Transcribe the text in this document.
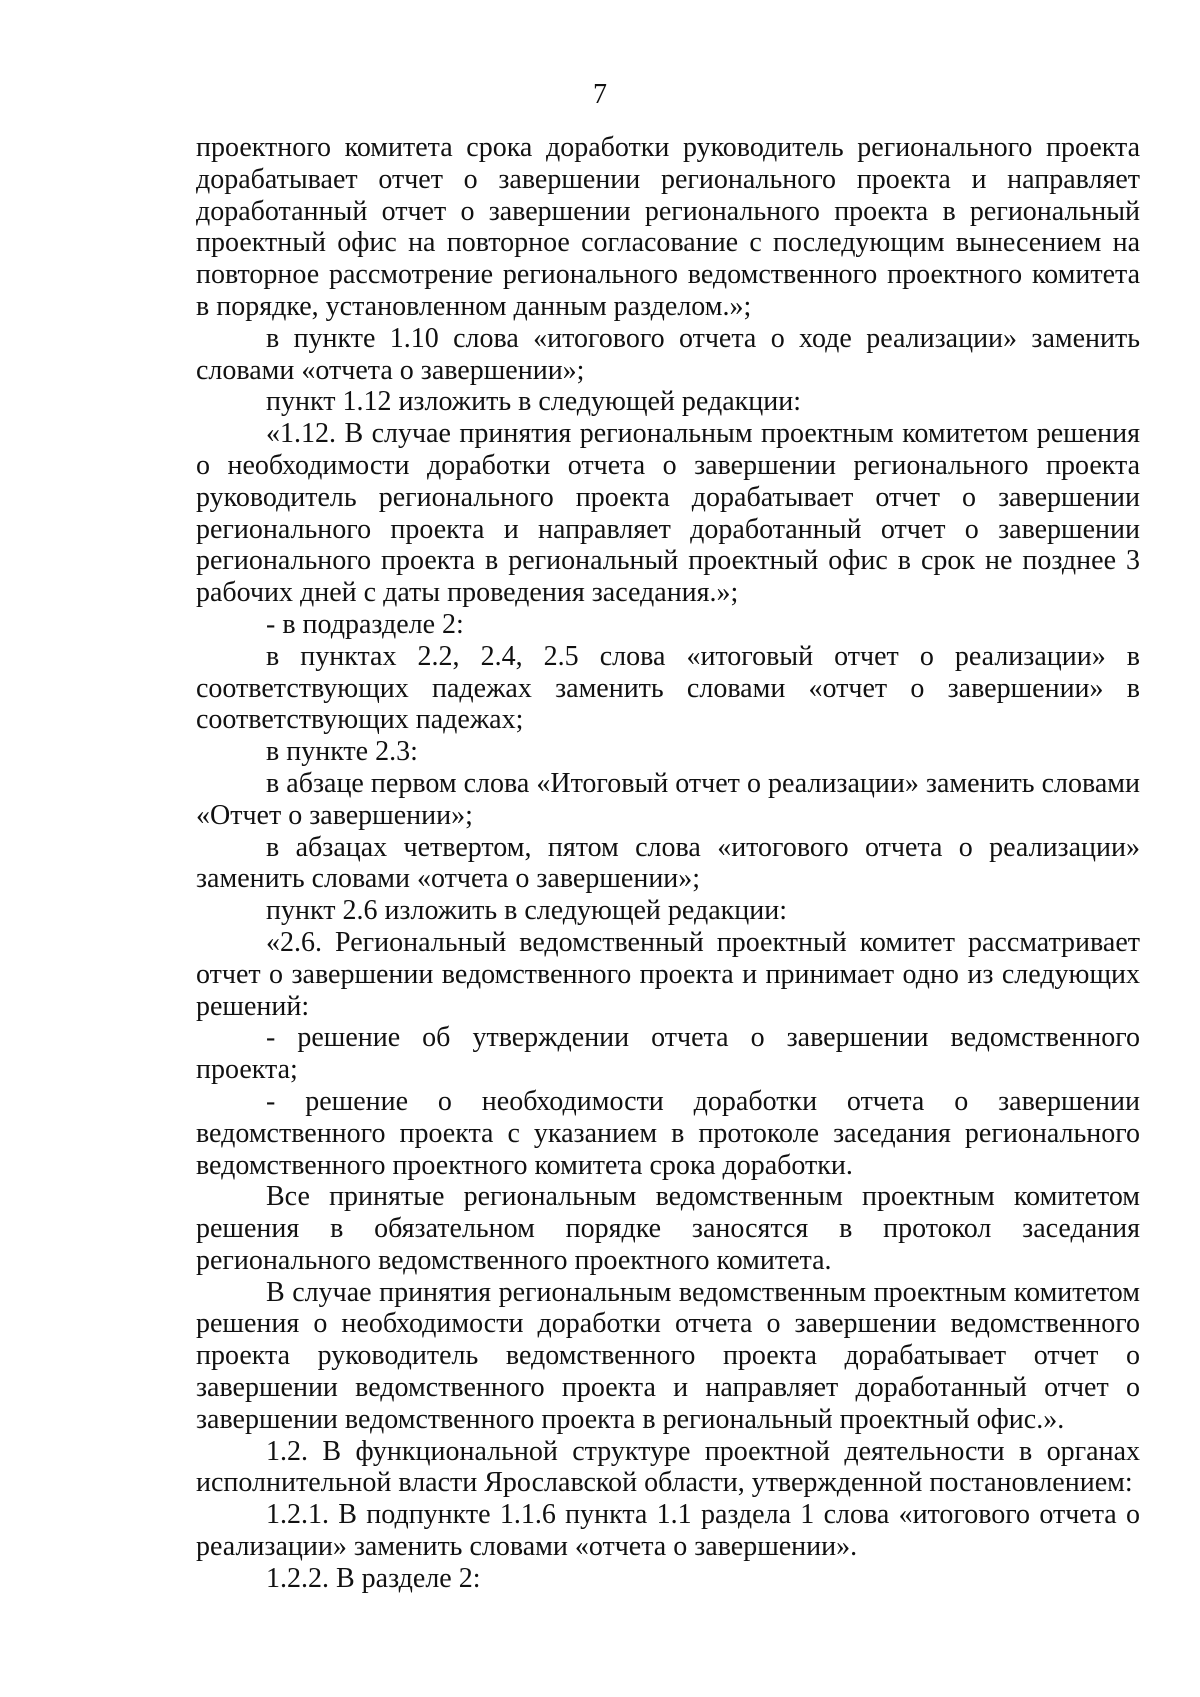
7

проектного комитета срока доработки руководитель регионального проекта дорабатывает отчет о завершении регионального проекта и направляет доработанный отчет о завершении регионального проекта в региональный проектный офис на повторное согласование с последующим вынесением на повторное рассмотрение регионального ведомственного проектного комитета в порядке, установленном данным разделом.»;

в пункте 1.10 слова «итогового отчета о ходе реализации» заменить словами «отчета о завершении»;

пункт 1.12 изложить в следующей редакции:

«1.12. В случае принятия региональным проектным комитетом решения о необходимости доработки отчета о завершении регионального проекта руководитель регионального проекта дорабатывает отчет о завершении регионального проекта и направляет доработанный отчет о завершении регионального проекта в региональный проектный офис в срок не позднее 3 рабочих дней с даты проведения заседания.»;

- в подразделе 2:

в пунктах 2.2, 2.4, 2.5 слова «итоговый отчет о реализации» в соответствующих падежах заменить словами «отчет о завершении» в соответствующих падежах;

в пункте 2.3:

в абзаце первом слова «Итоговый отчет о реализации» заменить словами «Отчет о завершении»;

в абзацах четвертом, пятом слова «итогового отчета о реализации» заменить словами «отчета о завершении»;

пункт 2.6 изложить в следующей редакции:

«2.6. Региональный ведомственный проектный комитет рассматривает отчет о завершении ведомственного проекта и принимает одно из следующих решений:

- решение об утверждении отчета о завершении ведомственного проекта;

- решение о необходимости доработки отчета о завершении ведомственного проекта с указанием в протоколе заседания регионального ведомственного проектного комитета срока доработки.

Все принятые региональным ведомственным проектным комитетом решения в обязательном порядке заносятся в протокол заседания регионального ведомственного проектного комитета.

В случае принятия региональным ведомственным проектным комитетом решения о необходимости доработки отчета о завершении ведомственного проекта руководитель ведомственного проекта дорабатывает отчет о завершении ведомственного проекта и направляет доработанный отчет о завершении ведомственного проекта в региональный проектный офис.».

1.2. В функциональной структуре проектной деятельности в органах исполнительной власти Ярославской области, утвержденной постановлением:

1.2.1. В подпункте 1.1.6 пункта 1.1 раздела 1 слова «итогового отчета о реализации» заменить словами «отчета о завершении».

1.2.2. В разделе 2:
